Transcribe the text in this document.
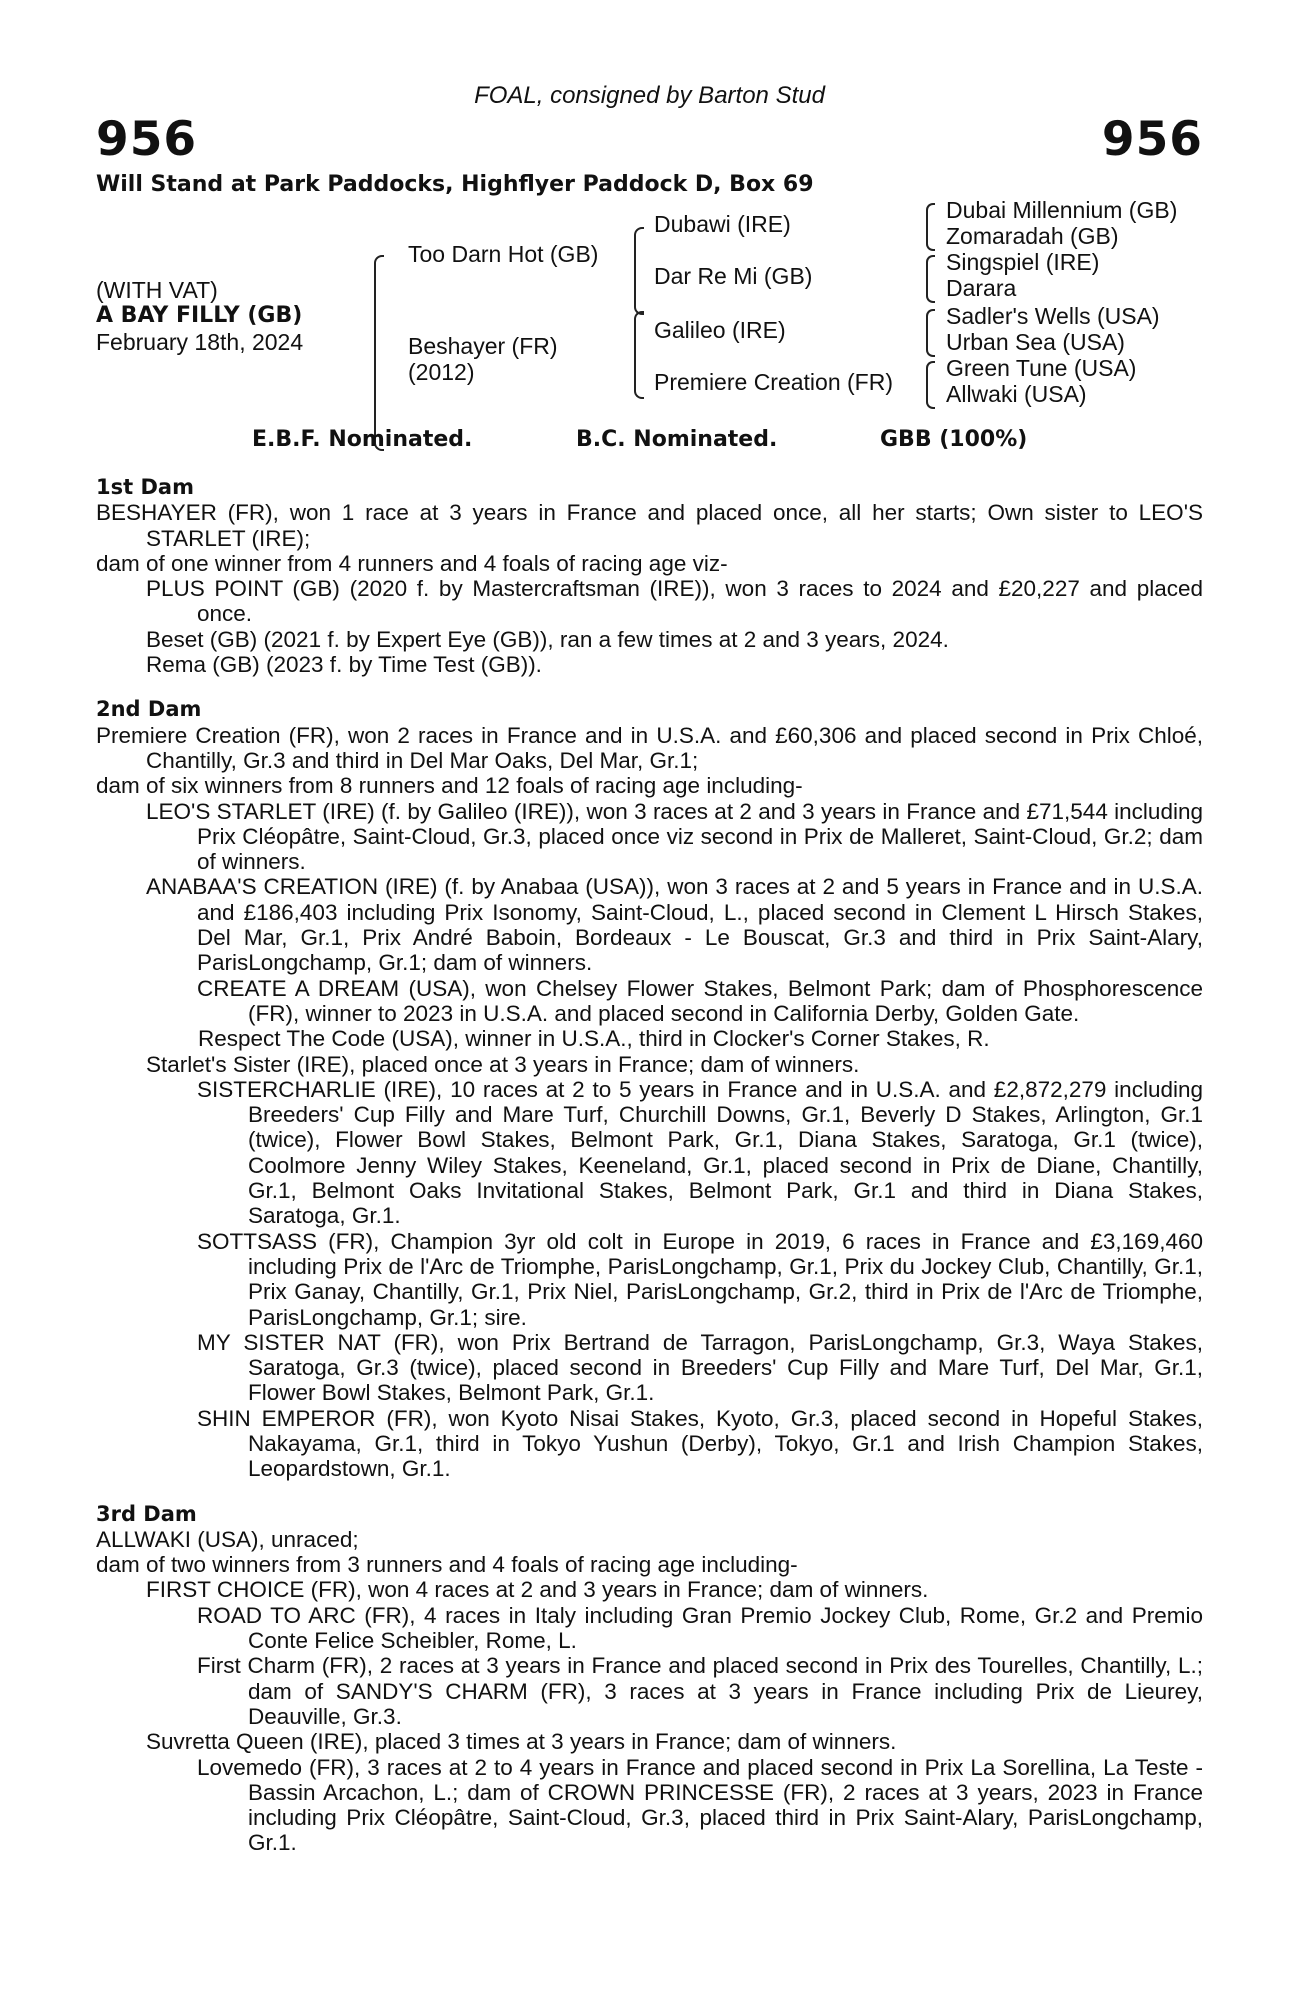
FOAL, consigned by Barton Stud
956	956
Will Stand at Park Paddocks, Highflyer Paddock D, Box 69
(WITH VAT)
A BAY FILLY (GB)
February 18th, 2024
Too Darn Hot (GB)
Beshayer (FR)
(2012)
Dubawi (IRE)
Dar Re Mi (GB)
Galileo (IRE)
Premiere Creation (FR)
Dubai Millennium (GB)
Zomaradah (GB)
Singspiel (IRE)
Darara
Sadler's Wells (USA)
Urban Sea (USA)
Green Tune (USA)
Allwaki (USA)
E.B.F. Nominated.	B.C. Nominated.	GBB (100%)
1st Dam

BESHAYER (FR), won 1 race at 3 years in France and placed once, all her starts; Own sister to LEO'S STARLET (IRE);

dam of one winner from 4 runners and 4 foals of racing age viz-

PLUS POINT (GB) (2020 f. by Mastercraftsman (IRE)), won 3 races to 2024 and £20,227 and placed once.

Beset (GB) (2021 f. by Expert Eye (GB)), ran a few times at 2 and 3 years, 2024.

Rema (GB) (2023 f. by Time Test (GB)).

2nd Dam

Premiere Creation (FR), won 2 races in France and in U.S.A. and £60,306 and placed second in Prix Chloé, Chantilly, Gr.3 and third in Del Mar Oaks, Del Mar, Gr.1;

dam of six winners from 8 runners and 12 foals of racing age including-

LEO'S STARLET (IRE) (f. by Galileo (IRE)), won 3 races at 2 and 3 years in France and £71,544 including Prix Cléopâtre, Saint-Cloud, Gr.3, placed once viz second in Prix de Malleret, Saint-Cloud, Gr.2; dam of winners.

ANABAA'S CREATION (IRE) (f. by Anabaa (USA)), won 3 races at 2 and 5 years in France and in U.S.A. and £186,403 including Prix Isonomy, Saint-Cloud, L., placed second in Clement L Hirsch Stakes, Del Mar, Gr.1, Prix André Baboin, Bordeaux - Le Bouscat, Gr.3 and third in Prix Saint-Alary, ParisLongchamp, Gr.1; dam of winners.

CREATE A DREAM (USA), won Chelsey Flower Stakes, Belmont Park; dam of Phosphorescence (FR), winner to 2023 in U.S.A. and placed second in California Derby, Golden Gate.

Respect The Code (USA), winner in U.S.A., third in Clocker's Corner Stakes, R.

Starlet's Sister (IRE), placed once at 3 years in France; dam of winners.

SISTERCHARLIE (IRE), 10 races at 2 to 5 years in France and in U.S.A. and £2,872,279 including Breeders' Cup Filly and Mare Turf, Churchill Downs, Gr.1, Beverly D Stakes, Arlington, Gr.1 (twice), Flower Bowl Stakes, Belmont Park, Gr.1, Diana Stakes, Saratoga, Gr.1 (twice), Coolmore Jenny Wiley Stakes, Keeneland, Gr.1, placed second in Prix de Diane, Chantilly, Gr.1, Belmont Oaks Invitational Stakes, Belmont Park, Gr.1 and third in Diana Stakes, Saratoga, Gr.1.

SOTTSASS (FR), Champion 3yr old colt in Europe in 2019, 6 races in France and £3,169,460 including Prix de l'Arc de Triomphe, ParisLongchamp, Gr.1, Prix du Jockey Club, Chantilly, Gr.1, Prix Ganay, Chantilly, Gr.1, Prix Niel, ParisLongchamp, Gr.2, third in Prix de l'Arc de Triomphe, ParisLongchamp, Gr.1; sire.

MY SISTER NAT (FR), won Prix Bertrand de Tarragon, ParisLongchamp, Gr.3, Waya Stakes, Saratoga, Gr.3 (twice), placed second in Breeders' Cup Filly and Mare Turf, Del Mar, Gr.1, Flower Bowl Stakes, Belmont Park, Gr.1.

SHIN EMPEROR (FR), won Kyoto Nisai Stakes, Kyoto, Gr.3, placed second in Hopeful Stakes, Nakayama, Gr.1, third in Tokyo Yushun (Derby), Tokyo, Gr.1 and Irish Champion Stakes, Leopardstown, Gr.1.

3rd Dam

ALLWAKI (USA), unraced;

dam of two winners from 3 runners and 4 foals of racing age including-

FIRST CHOICE (FR), won 4 races at 2 and 3 years in France; dam of winners.

ROAD TO ARC (FR), 4 races in Italy including Gran Premio Jockey Club, Rome, Gr.2 and Premio Conte Felice Scheibler, Rome, L.

First Charm (FR), 2 races at 3 years in France and placed second in Prix des Tourelles, Chantilly, L.; dam of SANDY'S CHARM (FR), 3 races at 3 years in France including Prix de Lieurey, Deauville, Gr.3.

Suvretta Queen (IRE), placed 3 times at 3 years in France; dam of winners.

Lovemedo (FR), 3 races at 2 to 4 years in France and placed second in Prix La Sorellina, La Teste - Bassin Arcachon, L.; dam of CROWN PRINCESSE (FR), 2 races at 3 years, 2023 in France including Prix Cléopâtre, Saint-Cloud, Gr.3, placed third in Prix Saint-Alary, ParisLongchamp, Gr.1.
